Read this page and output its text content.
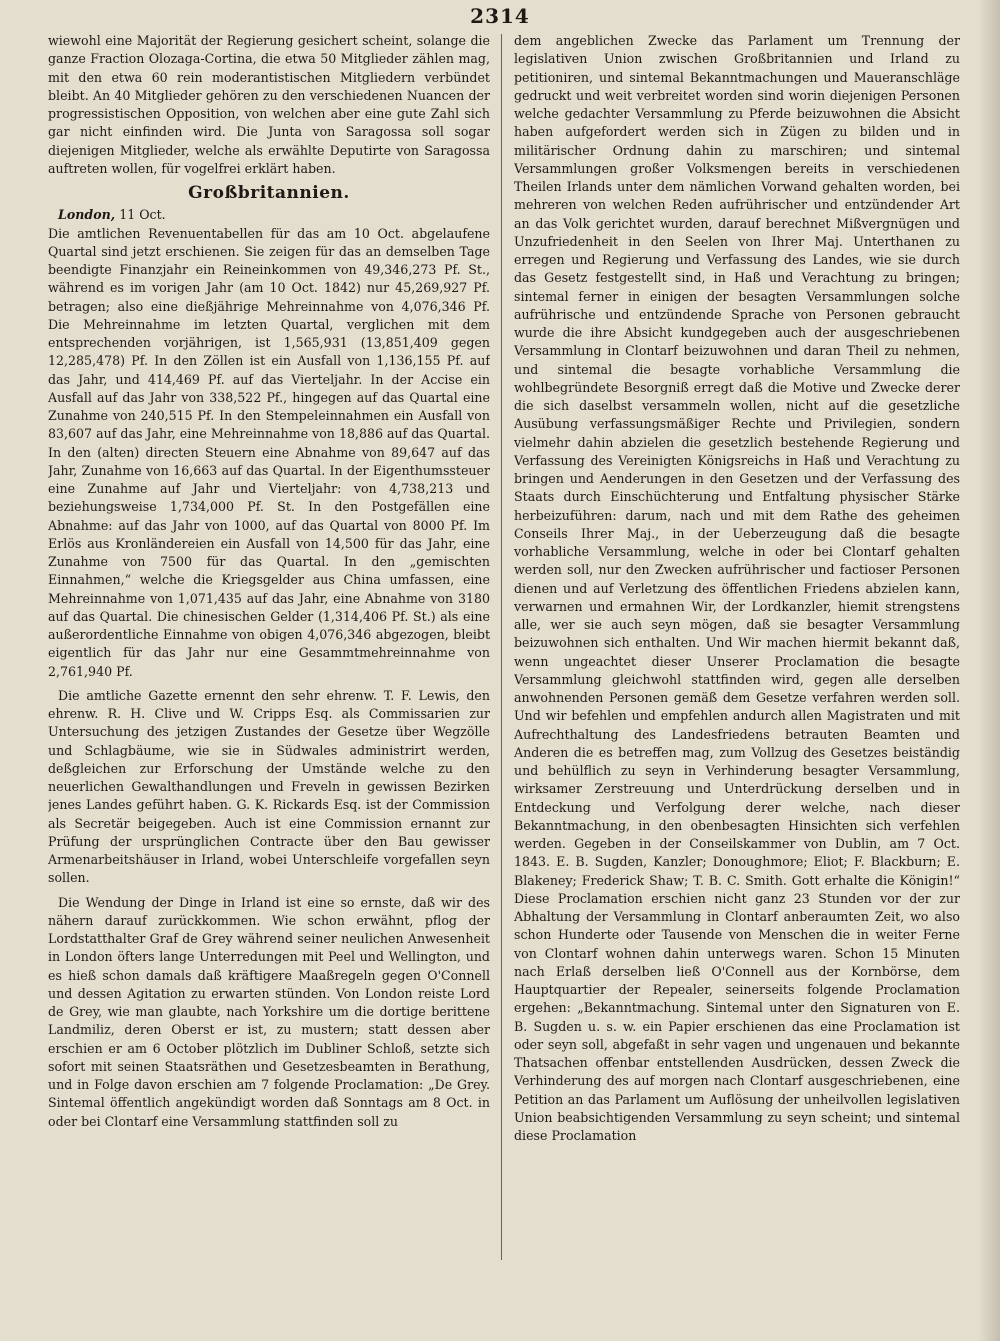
2314

wiewohl eine Majorität der Regierung gesichert scheint, solange die ganze Fraction Olozaga-Cortina, die etwa 50 Mitglieder zählen mag, mit den etwa 60 rein moderantistischen Mitgliedern verbündet bleibt. An 40 Mitglieder gehören zu den verschiedenen Nuancen der progressistischen Opposition, von welchen aber eine gute Zahl sich gar nicht einfinden wird. Die Junta von Saragossa soll sogar diejenigen Mitglieder, welche als erwählte Deputirte von Saragossa auftreten wollen, für vogelfrei erklärt haben.

Großbritannien.

London, 11 Oct.
Die amtlichen Revenuentabellen für das am 10 Oct. abgelaufene Quartal sind jetzt erschienen. Sie zeigen für das an demselben Tage beendigte Finanzjahr ein Reineinkommen von 49,346,273 Pf. St., während es im vorigen Jahr (am 10 Oct. 1842) nur 45,269,927 Pf. betragen; also eine dießjährige Mehreinnahme von 4,076,346 Pf. Die Mehreinnahme im letzten Quartal, verglichen mit dem entsprechenden vorjährigen, ist 1,565,931 (13,851,409 gegen 12,285,478) Pf. In den Zöllen ist ein Ausfall von 1,136,155 Pf. auf das Jahr, und 414,469 Pf. auf das Vierteljahr. In der Accise ein Ausfall auf das Jahr von 338,522 Pf., hingegen auf das Quartal eine Zunahme von 240,515 Pf. In den Stempeleinnahmen ein Ausfall von 83,607 auf das Jahr, eine Mehreinnahme von 18,886 auf das Quartal. In den (alten) directen Steuern eine Abnahme von 89,647 auf das Jahr, Zunahme von 16,663 auf das Quartal. In der Eigenthumssteuer eine Zunahme auf Jahr und Vierteljahr: von 4,738,213 und beziehungsweise 1,734,000 Pf. St. In den Postgefällen eine Abnahme: auf das Jahr von 1000, auf das Quartal von 8000 Pf. Im Erlös aus Kronländereien ein Ausfall von 14,500 für das Jahr, eine Zunahme von 7500 für das Quartal. In den „gemischten Einnahmen,“ welche die Kriegsgelder aus China umfassen, eine Mehreinnahme von 1,071,435 auf das Jahr, eine Abnahme von 3180 auf das Quartal. Die chinesischen Gelder (1,314,406 Pf. St.) als eine außerordentliche Einnahme von obigen 4,076,346 abgezogen, bleibt eigentlich für das Jahr nur eine Gesammtmehreinnahme von 2,761,940 Pf.

Die amtliche Gazette ernennt den sehr ehrenw. T. F. Lewis, den ehrenw. R. H. Clive und W. Cripps Esq. als Commissarien zur Untersuchung des jetzigen Zustandes der Gesetze über Wegzölle und Schlagbäume, wie sie in Südwales administrirt werden, deßgleichen zur Erforschung der Umstände welche zu den neuerlichen Gewalthandlungen und Freveln in gewissen Bezirken jenes Landes geführt haben. G. K. Rickards Esq. ist der Commission als Secretär beigegeben. Auch ist eine Commission ernannt zur Prüfung der ursprünglichen Contracte über den Bau gewisser Armenarbeitshäuser in Irland, wobei Unterschleife vorgefallen seyn sollen.

Die Wendung der Dinge in Irland ist eine so ernste, daß wir des nähern darauf zurückkommen. Wie schon erwähnt, pflog der Lordstatthalter Graf de Grey während seiner neulichen Anwesenheit in London öfters lange Unterredungen mit Peel und Wellington, und es hieß schon damals daß kräftigere Maaßregeln gegen O'Connell und dessen Agitation zu erwarten stünden. Von London reiste Lord de Grey, wie man glaubte, nach Yorkshire um die dortige berittene Landmiliz, deren Oberst er ist, zu mustern; statt dessen aber erschien er am 6 October plötzlich im Dubliner Schloß, setzte sich sofort mit seinen Staatsräthen und Gesetzesbeamten in Berathung, und in Folge davon erschien am 7 folgende Proclamation: „De Grey. Sintemal öffentlich angekündigt worden daß Sonntags am 8 Oct. in oder bei Clontarf eine Versammlung stattfinden soll zu

dem angeblichen Zwecke das Parlament um Trennung der legislativen Union zwischen Großbritannien und Irland zu petitioniren, und sintemal Bekanntmachungen und Maueranschläge gedruckt und weit verbreitet worden sind worin diejenigen Personen welche gedachter Versammlung zu Pferde beizuwohnen die Absicht haben aufgefordert werden sich in Zügen zu bilden und in militärischer Ordnung dahin zu marschiren; und sintemal Versammlungen großer Volksmengen bereits in verschiedenen Theilen Irlands unter dem nämlichen Vorwand gehalten worden, bei mehreren von welchen Reden aufrührischer und entzündender Art an das Volk gerichtet wurden, darauf berechnet Mißvergnügen und Unzufriedenheit in den Seelen von Ihrer Maj. Unterthanen zu erregen und Regierung und Verfassung des Landes, wie sie durch das Gesetz festgestellt sind, in Haß und Verachtung zu bringen; sintemal ferner in einigen der besagten Versammlungen solche aufrührische und entzündende Sprache von Personen gebraucht wurde die ihre Absicht kundgegeben auch der ausgeschriebenen Versammlung in Clontarf beizuwohnen und daran Theil zu nehmen, und sintemal die besagte vorhabliche Versammlung die wohlbegründete Besorgniß erregt daß die Motive und Zwecke derer die sich daselbst versammeln wollen, nicht auf die gesetzliche Ausübung verfassungsmäßiger Rechte und Privilegien, sondern vielmehr dahin abzielen die gesetzlich bestehende Regierung und Verfassung des Vereinigten Königsreichs in Haß und Verachtung zu bringen und Aenderungen in den Gesetzen und der Verfassung des Staats durch Einschüchterung und Entfaltung physischer Stärke herbeizuführen: darum, nach und mit dem Rathe des geheimen Conseils Ihrer Maj., in der Ueberzeugung daß die besagte vorhabliche Versammlung, welche in oder bei Clontarf gehalten werden soll, nur den Zwecken aufrührischer und factioser Personen dienen und auf Verletzung des öffentlichen Friedens abzielen kann, verwarnen und ermahnen Wir, der Lordkanzler, hiemit strengstens alle, wer sie auch seyn mögen, daß sie besagter Versammlung beizuwohnen sich enthalten. Und Wir machen hiermit bekannt daß, wenn ungeachtet dieser Unserer Proclamation die besagte Versammlung gleichwohl stattfinden wird, gegen alle derselben anwohnenden Personen gemäß dem Gesetze verfahren werden soll. Und wir befehlen und empfehlen andurch allen Magistraten und mit Aufrechthaltung des Landesfriedens betrauten Beamten und Anderen die es betreffen mag, zum Vollzug des Gesetzes beiständig und behülflich zu seyn in Verhinderung besagter Versammlung, wirksamer Zerstreuung und Unterdrückung derselben und in Entdeckung und Verfolgung derer welche, nach dieser Bekanntmachung, in den obenbesagten Hinsichten sich verfehlen werden. Gegeben in der Conseilskammer von Dublin, am 7 Oct. 1843. E. B. Sugden, Kanzler; Donoughmore; Eliot; F. Blackburn; E. Blakeney; Frederick Shaw; T. B. C. Smith. Gott erhalte die Königin!“ Diese Proclamation erschien nicht ganz 23 Stunden vor der zur Abhaltung der Versammlung in Clontarf anberaumten Zeit, wo also schon Hunderte oder Tausende von Menschen die in weiter Ferne von Clontarf wohnen dahin unterwegs waren. Schon 15 Minuten nach Erlaß derselben ließ O'Connell aus der Kornbörse, dem Hauptquartier der Repealer, seinerseits folgende Proclamation ergehen: „Bekanntmachung. Sintemal unter den Signaturen von E. B. Sugden u. s. w. ein Papier erschienen das eine Proclamation ist oder seyn soll, abgefaßt in sehr vagen und ungenauen und bekannte Thatsachen offenbar entstellenden Ausdrücken, dessen Zweck die Verhinderung des auf morgen nach Clontarf ausgeschriebenen, eine Petition an das Parlament um Auflösung der unheilvollen legislativen Union beabsichtigenden Versammlung zu seyn scheint; und sintemal diese Proclamation
